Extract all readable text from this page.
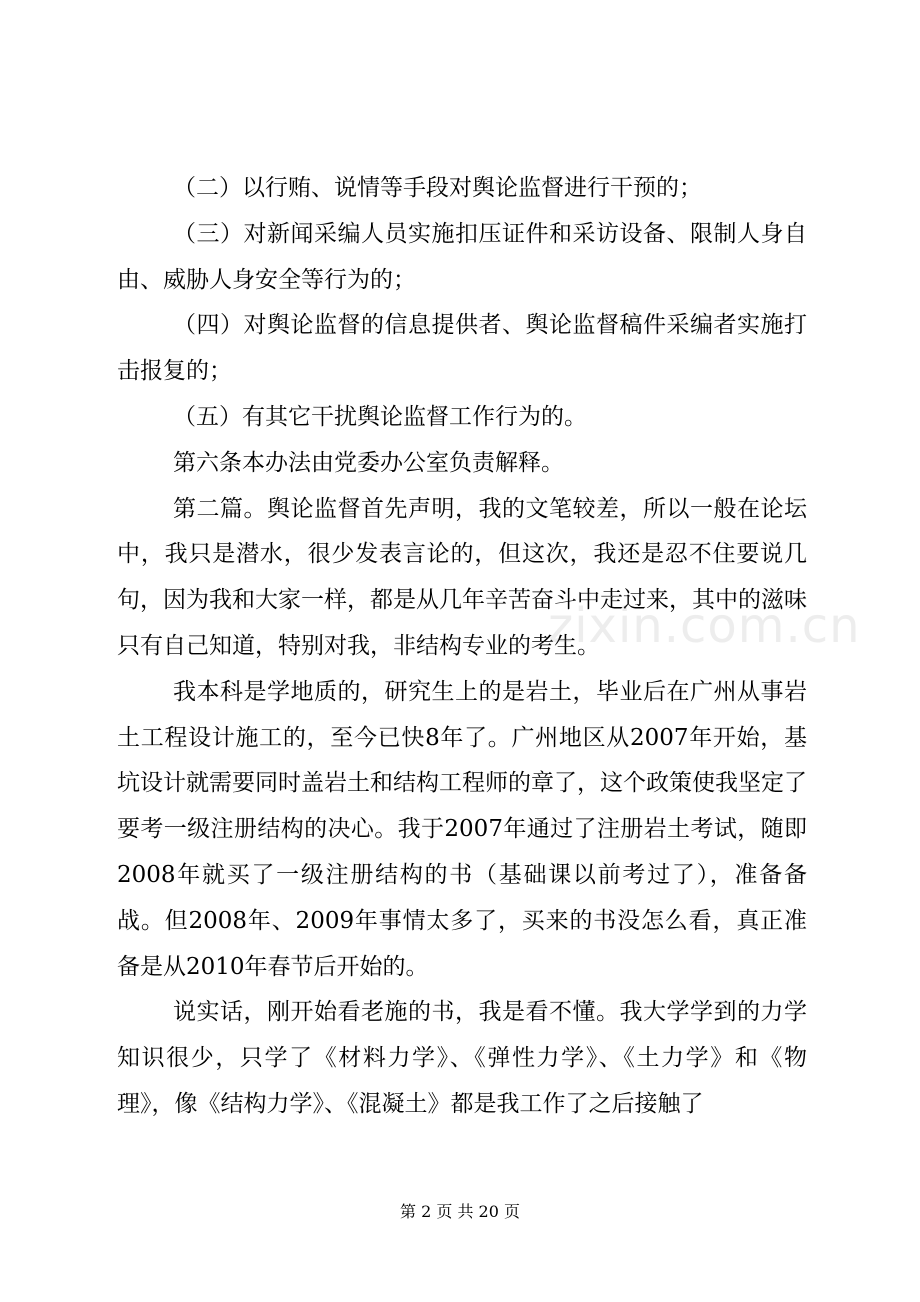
（二）以行贿、说情等手段对舆论监督进行干预的；

（三）对新闻采编人员实施扣压证件和采访设备、限制人身自由、威胁人身安全等行为的；

（四）对舆论监督的信息提供者、舆论监督稿件采编者实施打击报复的；

（五）有其它干扰舆论监督工作行为的。

第六条本办法由党委办公室负责解释。

第二篇。舆论监督首先声明，我的文笔较差，所以一般在论坛中，我只是潜水，很少发表言论的，但这次，我还是忍不住要说几句，因为我和大家一样，都是从几年辛苦奋斗中走过来，其中的滋味只有自己知道，特别对我，非结构专业的考生。

我本科是学地质的，研究生上的是岩土，毕业后在广州从事岩土工程设计施工的，至今已快8年了。广州地区从2007年开始，基坑设计就需要同时盖岩土和结构工程师的章了，这个政策使我坚定了要考一级注册结构的决心。我于2007年通过了注册岩土考试，随即2008年就买了一级注册结构的书（基础课以前考过了），准备备战。但2008年、2009年事情太多了，买来的书没怎么看，真正准备是从2010年春节后开始的。

说实话，刚开始看老施的书，我是看不懂。我大学学到的力学知识很少，只学了《材料力学》、《弹性力学》、《土力学》和《物理》，像《结构力学》、《混凝土》都是我工作了之后接触了

zixin.com.cn
第 2 页 共 20 页
